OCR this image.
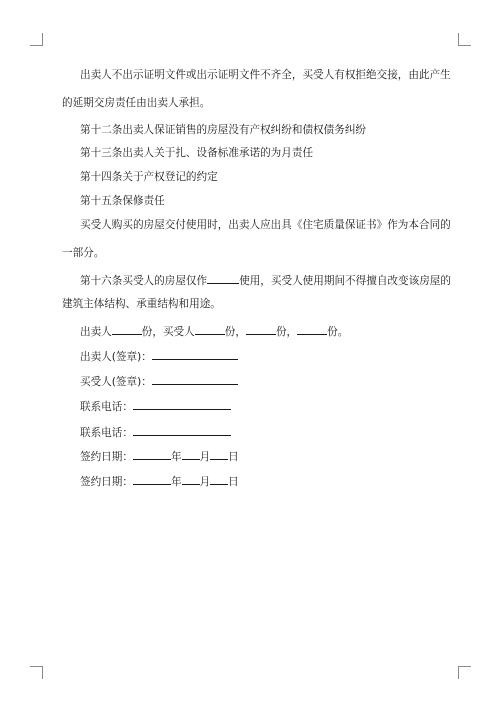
出卖人不出示证明文件或出示证明文件不齐全，买受人有权拒绝交接，由此产生
的延期交房责任由出卖人承担。
第十二条出卖人保证销售的房屋没有产权纠纷和债权债务纠纷
第十三条出卖人关于扎、设备标准承诺的为月责任
第十四条关于产权登记的约定
第十五条保修责任
买受人购买的房屋交付使用时，出卖人应出具《住宅质量保证书》作为本合同的
一部分。
第十六条买受人的房屋仅作	使用，买受人使用期间不得擅自改变该房屋的
建筑主体结构、承重结构和用途。
出卖人	份，买受人	份，	份，	份。
出卖人(签章)：
买受人(签章)：
联系电话：
联系电话：
签约日期：	年 月 日
签约日期：	年 月 日
